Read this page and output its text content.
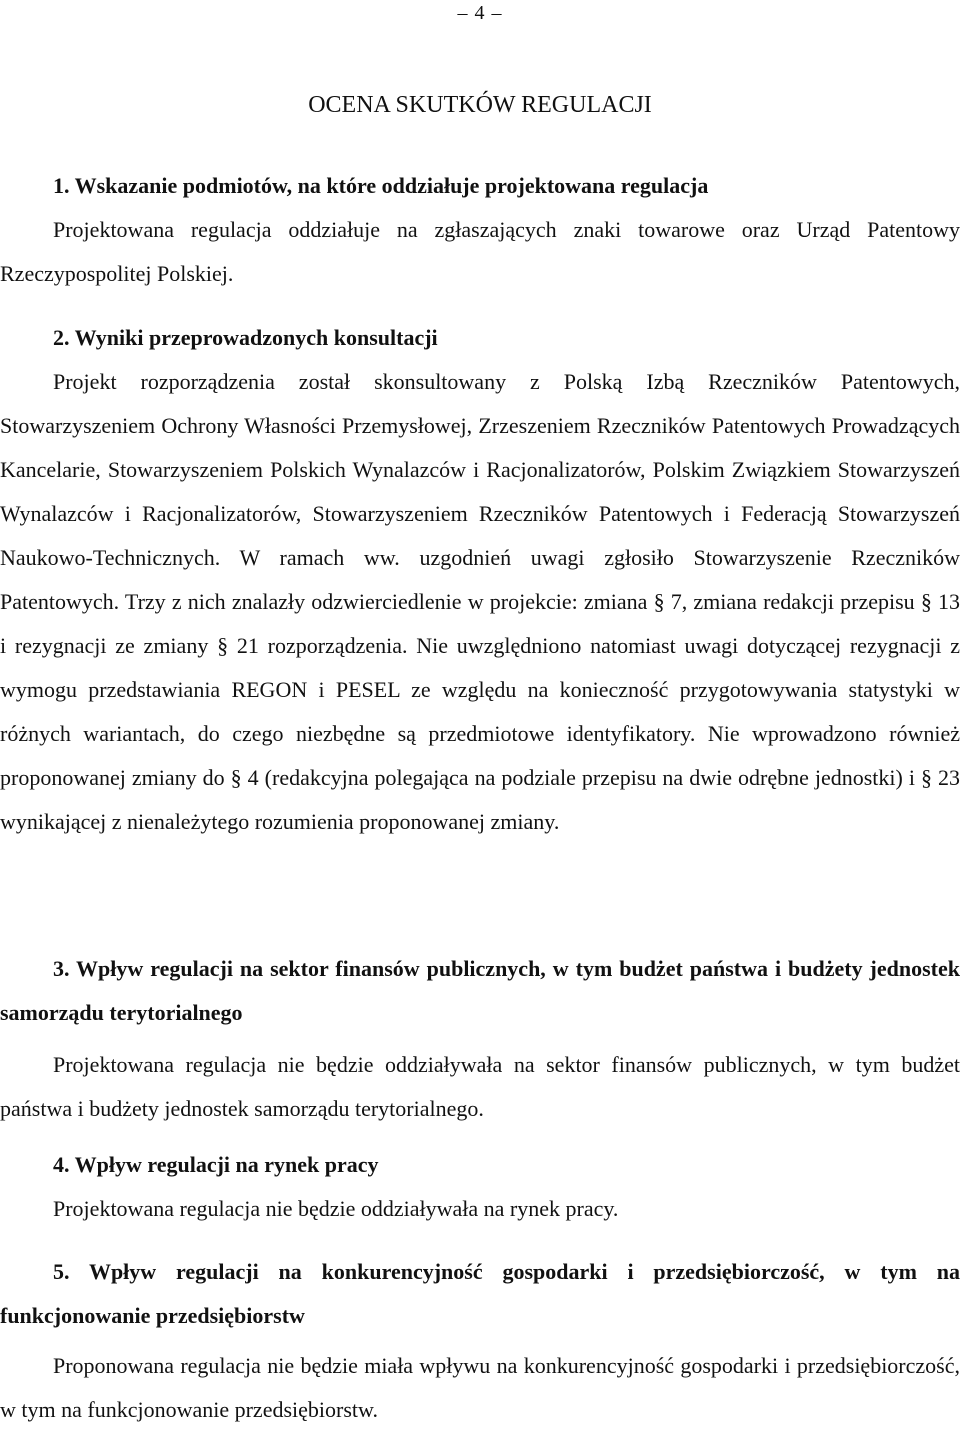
– 4 –
OCENA SKUTKÓW REGULACJI

1. Wskazanie podmiotów, na które oddziałuje projektowana regulacja

Projektowana regulacja oddziałuje na zgłaszających znaki towarowe oraz Urząd Patentowy Rzeczypospolitej Polskiej.

2. Wyniki przeprowadzonych konsultacji

Projekt rozporządzenia został skonsultowany z Polską Izbą Rzeczników Patentowych, Stowarzyszeniem Ochrony Własności Przemysłowej, Zrzeszeniem Rzeczników Patentowych Prowadzących Kancelarie, Stowarzyszeniem Polskich Wynalazców i Racjonalizatorów, Polskim Związkiem Stowarzyszeń Wynalazców i Racjonalizatorów, Stowarzyszeniem Rzeczników Patentowych i Federacją Stowarzyszeń Naukowo-Technicznych. W ramach ww. uzgodnień uwagi zgłosiło Stowarzyszenie Rzeczników Patentowych. Trzy z nich znalazły odzwierciedlenie w projekcie: zmiana § 7, zmiana redakcji przepisu § 13 i rezygnacji ze zmiany § 21 rozporządzenia. Nie uwzględniono natomiast uwagi dotyczącej rezygnacji z wymogu przedstawiania REGON i PESEL ze względu na konieczność przygotowywania statystyki w różnych wariantach, do czego niezbędne są przedmiotowe identyfikatory. Nie wprowadzono również proponowanej zmiany do § 4 (redakcyjna polegająca na podziale przepisu na dwie odrębne jednostki) i § 23 wynikającej z nienależytego rozumienia proponowanej zmiany.

3. Wpływ regulacji na sektor finansów publicznych, w tym budżet państwa i budżety jednostek samorządu terytorialnego

Projektowana regulacja nie będzie oddziaływała na sektor finansów publicznych, w tym budżet państwa i budżety jednostek samorządu terytorialnego.

4. Wpływ regulacji na rynek pracy

Projektowana regulacja nie będzie oddziaływała na rynek pracy.

5. Wpływ regulacji na konkurencyjność gospodarki i przedsiębiorczość, w tym na funkcjonowanie przedsiębiorstw

Proponowana regulacja nie będzie miała wpływu na konkurencyjność gospodarki i przedsiębiorczość, w tym na funkcjonowanie przedsiębiorstw.
